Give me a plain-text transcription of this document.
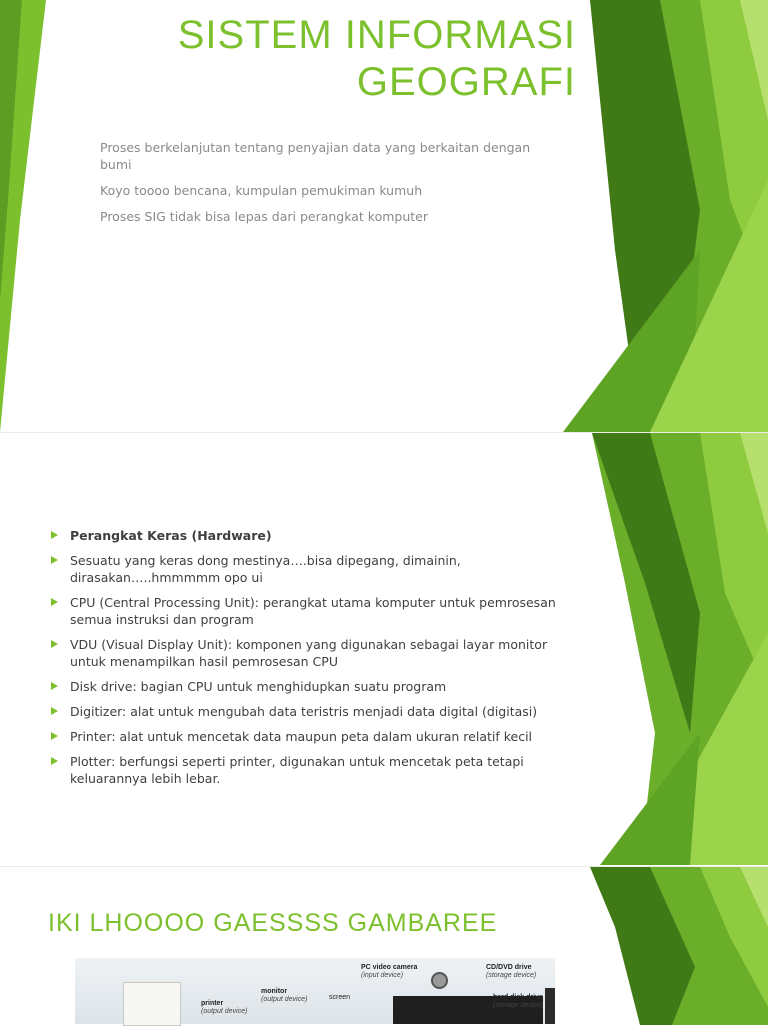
SISTEM INFORMASI
GEOGRAFI
Proses berkelanjutan tentang penyajian data yang berkaitan dengan bumi
Koyo toooo bencana, kumpulan pemukiman kumuh
Proses SIG tidak bisa lepas dari perangkat komputer
Perangkat Keras (Hardware)
Sesuatu yang keras dong mestinya….bisa dipegang, dimainin, dirasakan…..hmmmmm opo ui
CPU (Central Processing Unit): perangkat utama komputer untuk pemrosesan semua instruksi dan program
VDU (Visual Display Unit): komponen yang digunakan sebagai layar monitor untuk menampilkan hasil pemrosesan CPU
Disk drive: bagian CPU untuk menghidupkan suatu program
Digitizer: alat untuk mengubah data teristris menjadi data digital (digitasi)
Printer: alat untuk mencetak data maupun peta dalam ukuran relatif kecil
Plotter: berfungsi seperti printer, digunakan untuk mencetak peta tetapi keluarannya lebih lebar.
IKI LHOOOO GAESSSS GAMBAREE
PC video camera
(input device)
CD/DVD drive
(storage device)
monitor
(output device)	screen
printer
(output device)
hard disk drive
(storage device)
